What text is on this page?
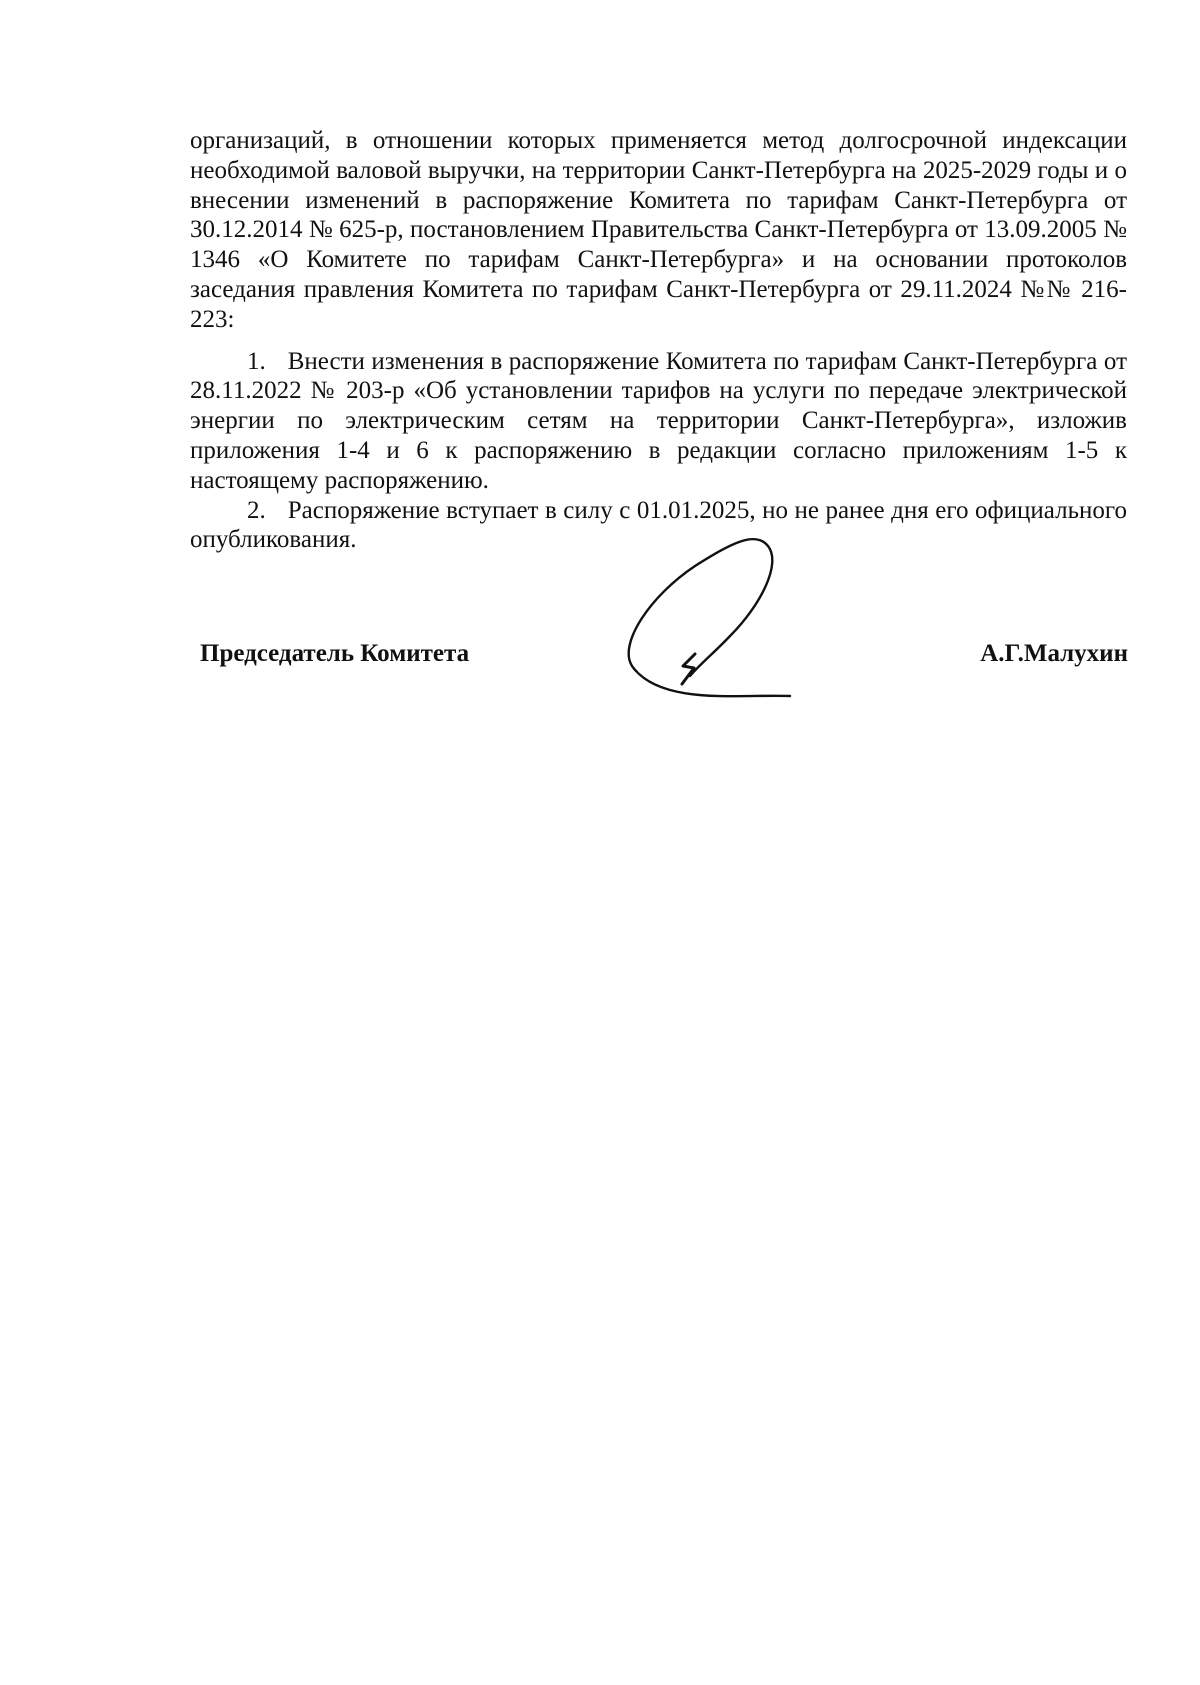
организаций, в отношении которых применяется метод долгосрочной индексации необходимой валовой выручки, на территории Санкт-Петербурга на 2025-2029 годы и о внесении изменений в распоряжение Комитета по тарифам Санкт-Петербурга от 30.12.2014 № 625-р, постановлением Правительства Санкт-Петербурга от 13.09.2005 № 1346 «О Комитете по тарифам Санкт-Петербурга» и на основании протоколов заседания правления Комитета по тарифам Санкт-Петербурга от 29.11.2024 №№ 216-223:

1. Внести изменения в распоряжение Комитета по тарифам Санкт-Петербурга от 28.11.2022 № 203-р «Об установлении тарифов на услуги по передаче электрической энергии по электрическим сетям на территории Санкт-Петербурга», изложив приложения 1-4 и 6 к распоряжению в редакции согласно приложениям 1-5 к настоящему распоряжению.

2. Распоряжение вступает в силу с 01.01.2025, но не ранее дня его официального опубликования.

Председатель Комитета	А.Г.Малухин
